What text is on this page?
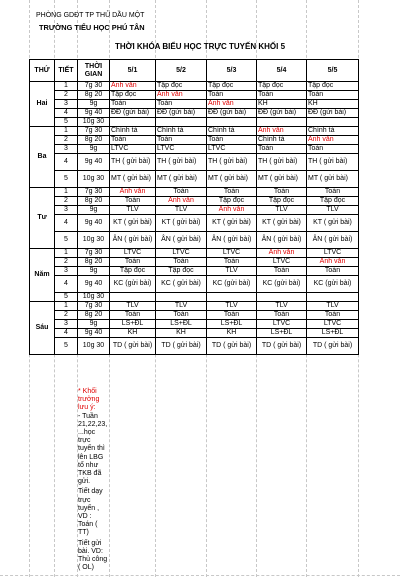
PHÒNG GDĐT TP THỦ DẦU MỘT
TRƯỜNG TIỂU HỌC PHÚ TÂN
THỜI KHÓA BIỂU HỌC TRỰC TUYẾN KHỐI 5
THỨ	TIẾT	THỜI GIAN	5/1	5/2	5/3	5/4	5/5
Hai	1	7g 30	Anh văn	Tập đọc	Tập đọc	Tập đọc	Tập đọc
	2	8g 20	Tập đọc	Anh văn	Toán	Toán	Toán
	3	9g	Toán	Toán	Anh văn	KH	KH
	4	9g 40	ĐĐ (gửi bài)	ĐĐ (gửi bài)	ĐĐ (gửi bài)	ĐĐ (gửi bài)	ĐĐ (gửi bài)
	5	10g 30					
Ba	1	7g 30	Chính tả	Chính tả	Chính tả	Anh văn	Chính tả
	2	8g 20	Toán	Toán	Toán	Chính tả	Anh văn
	3	9g	LTVC	LTVC	LTVC	Toán	Toán
	4	9g 40	TH ( gửi bài)	TH ( gửi bài)	TH ( gửi bài)	TH ( gửi bài)	TH ( gửi bài)
	5	10g 30	MT ( gửi bài)	MT ( gửi bài)	MT ( gửi bài)	MT ( gửi bài)	MT ( gửi bài)
Tư	1	7g 30	Anh văn	Toán	Toán	Toán	Toán
	2	8g 20	Toán	Anh văn	Tập đọc	Tập đọc	Tập đọc
	3	9g	TLV	TLV	Anh văn	TLV	TLV
	4	9g 40	KT ( gửi bài)	KT ( gửi bài)	KT ( gửi bài)	KT ( gửi bài)	KT ( gửi bài)
	5	10g 30	ÂN ( gửi bài)	ÂN ( gửi bài)	ÂN ( gửi bài)	ÂN ( gửi bài)	ÂN ( gửi bài)
Năm	1	7g 30	LTVC	LTVC	LTVC	Anh văn	LTVC
	2	8g 20	Toán	Toán	Toán	LTVC	Anh văn
	3	9g	Tập đọc	Tập đọc	TLV	Toán	Toán
	4	9g 40	KC (gửi bài)	KC ( gửi bài)	KC (gửi bài)	KC (gửi bài)	KC (gửi bài)
	5	10g 30					
Sáu	1	7g 30	TLV	TLV	TLV	TLV	TLV
	2	8g 20	Toán	Toán	Toán	Toán	Toán
	3	9g	LS+ĐL	LS+ĐL	LS+ĐL	LTVC	LTVC
	4	9g 40	KH	KH	KH	LS+ĐL	LS+ĐL
	5	10g 30	TD ( gửi bài)	TD ( gửi bài)	TD ( gửi bài)	TD ( gửi bài)	TD ( gửi bài)
* Khối trưởng lưu ý:
- Tuần 21,22,23, ...học trực tuyến thì lên LBG tổ như TKB đã gửi.
Tiết dạy trực tuyến , VD : Toán ( TT)
Tiết gửi bài. VD: Thủ công ( OL)
